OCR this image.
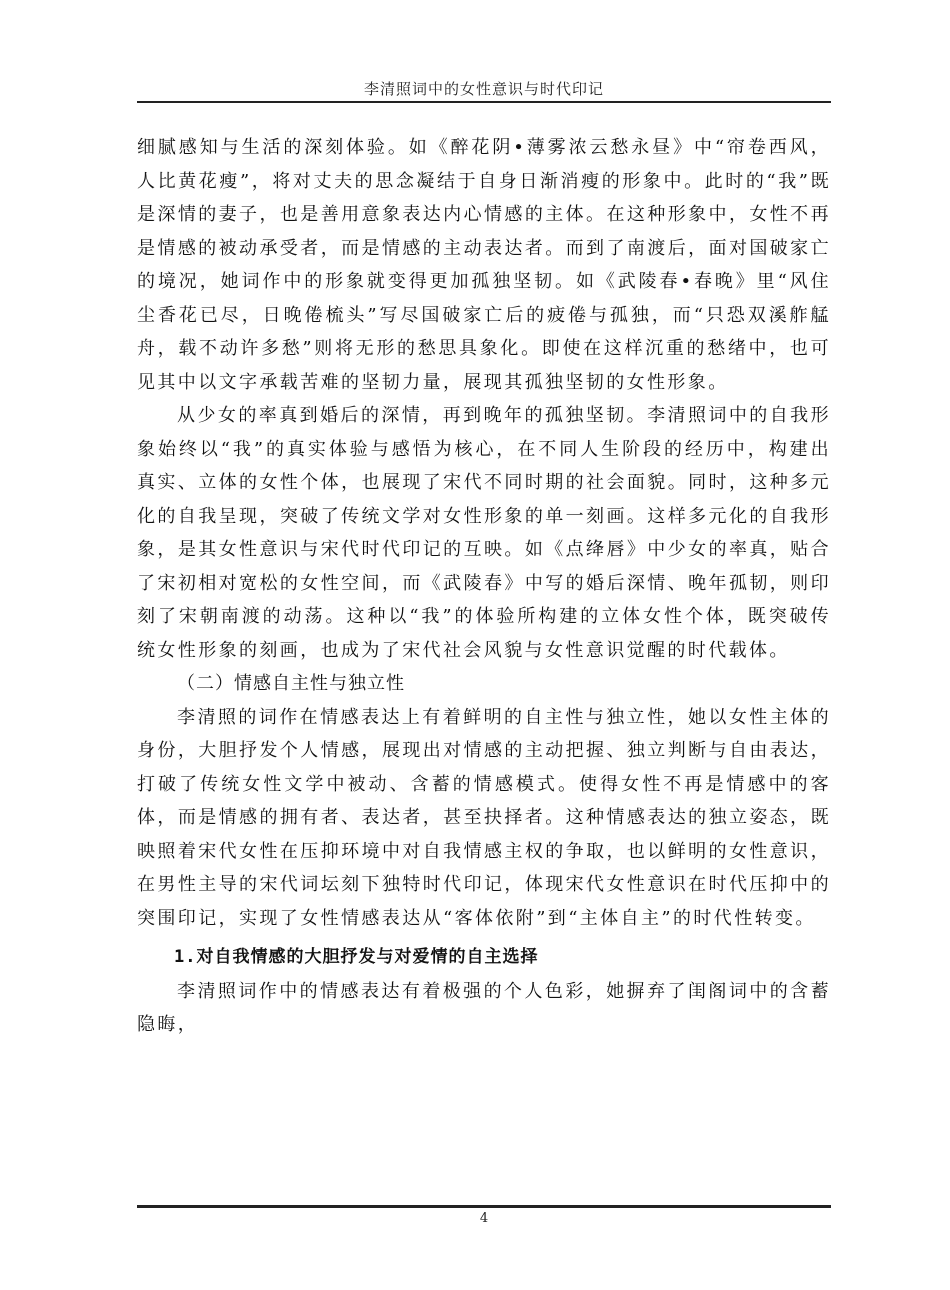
李清照词中的女性意识与时代印记

细腻感知与生活的深刻体验。如《醉花阴•薄雾浓云愁永昼》中“帘卷西风，人比黄花瘦”，将对丈夫的思念凝结于自身日渐消瘦的形象中。此时的“我”既是深情的妻子，也是善用意象表达内心情感的主体。在这种形象中，女性不再是情感的被动承受者，而是情感的主动表达者。而到了南渡后，面对国破家亡的境况，她词作中的形象就变得更加孤独坚韧。如《武陵春•春晚》里“风住尘香花已尽，日晚倦梳头”写尽国破家亡后的疲倦与孤独，而“只恐双溪舴艋舟，载不动许多愁”则将无形的愁思具象化。即使在这样沉重的愁绪中，也可见其中以文字承载苦难的坚韧力量，展现其孤独坚韧的女性形象。

从少女的率真到婚后的深情，再到晚年的孤独坚韧。李清照词中的自我形象始终以“我”的真实体验与感悟为核心，在不同人生阶段的经历中，构建出真实、立体的女性个体，也展现了宋代不同时期的社会面貌。同时，这种多元化的自我呈现，突破了传统文学对女性形象的单一刻画。这样多元化的自我形象，是其女性意识与宋代时代印记的互映。如《点绛唇》中少女的率真，贴合了宋初相对宽松的女性空间，而《武陵春》中写的婚后深情、晚年孤韧，则印刻了宋朝南渡的动荡。这种以“我”的体验所构建的立体女性个体，既突破传统女性形象的刻画，也成为了宋代社会风貌与女性意识觉醒的时代载体。

（二）情感自主性与独立性

李清照的词作在情感表达上有着鲜明的自主性与独立性，她以女性主体的身份，大胆抒发个人情感，展现出对情感的主动把握、独立判断与自由表达，打破了传统女性文学中被动、含蓄的情感模式。使得女性不再是情感中的客体，而是情感的拥有者、表达者，甚至抉择者。这种情感表达的独立姿态，既映照着宋代女性在压抑环境中对自我情感主权的争取，也以鲜明的女性意识，在男性主导的宋代词坛刻下独特时代印记，体现宋代女性意识在时代压抑中的突围印记，实现了女性情感表达从“客体依附”到“主体自主”的时代性转变。

1.对自我情感的大胆抒发与对爱情的自主选择

李清照词作中的情感表达有着极强的个人色彩，她摒弃了闺阁词中的含蓄隐晦，

4
